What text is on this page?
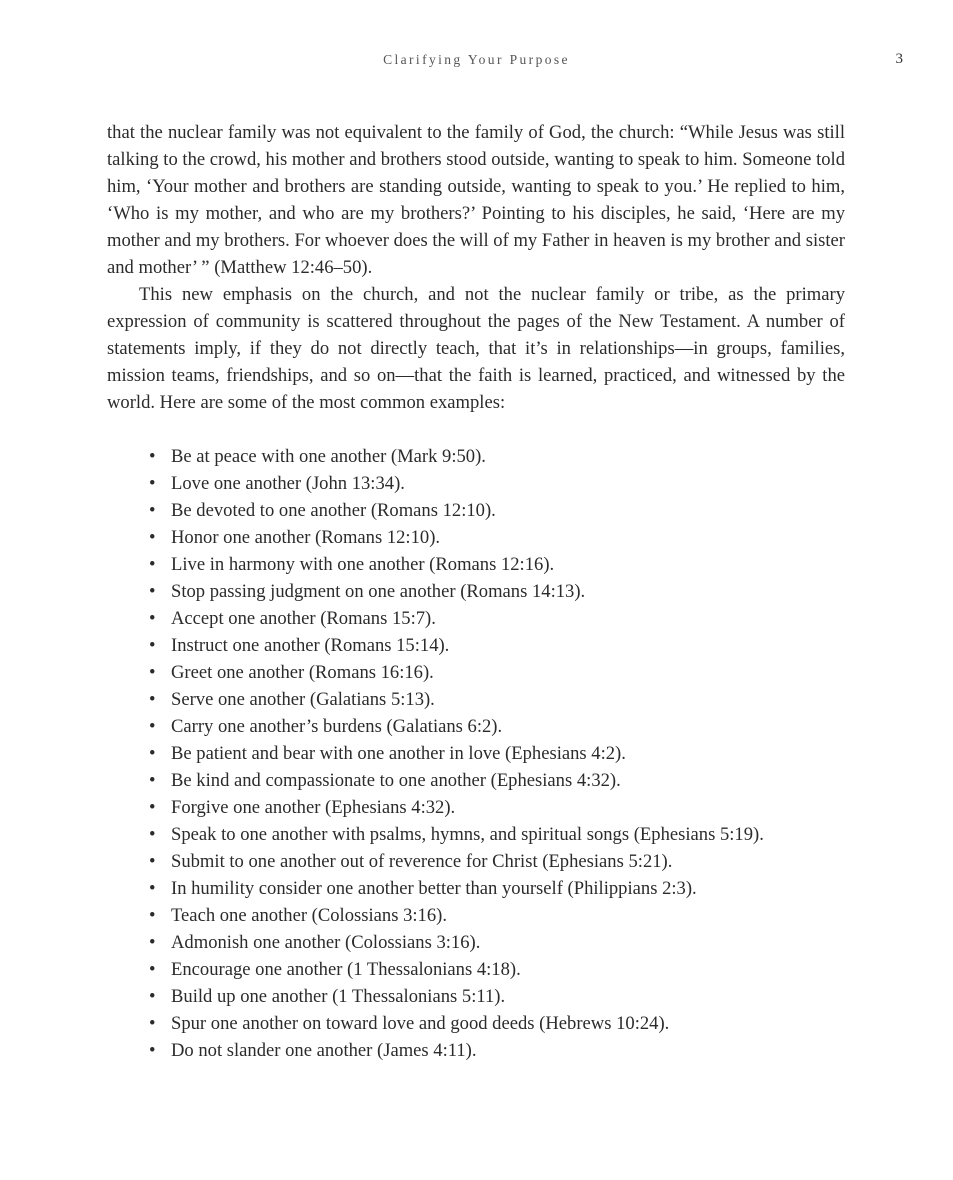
Clarifying Your Purpose	3

that the nuclear family was not equivalent to the family of God, the church: “While Jesus was still talking to the crowd, his mother and brothers stood outside, wanting to speak to him. Someone told him, ‘Your mother and brothers are standing outside, wanting to speak to you.’ He replied to him, ‘Who is my mother, and who are my brothers?’ Pointing to his disciples, he said, ‘Here are my mother and my brothers. For whoever does the will of my Father in heaven is my brother and sister and mother’ ” (Matthew 12:46–50).

This new emphasis on the church, and not the nuclear family or tribe, as the primary expression of community is scattered throughout the pages of the New Testament. A number of statements imply, if they do not directly teach, that it’s in relationships—in groups, families, mission teams, friendships, and so on—that the faith is learned, practiced, and witnessed by the world. Here are some of the most common examples:

• Be at peace with one another (Mark 9:50).
• Love one another (John 13:34).
• Be devoted to one another (Romans 12:10).
• Honor one another (Romans 12:10).
• Live in harmony with one another (Romans 12:16).
• Stop passing judgment on one another (Romans 14:13).
• Accept one another (Romans 15:7).
• Instruct one another (Romans 15:14).
• Greet one another (Romans 16:16).
• Serve one another (Galatians 5:13).
• Carry one another’s burdens (Galatians 6:2).
• Be patient and bear with one another in love (Ephesians 4:2).
• Be kind and compassionate to one another (Ephesians 4:32).
• Forgive one another (Ephesians 4:32).
• Speak to one another with psalms, hymns, and spiritual songs (Ephesians 5:19).
• Submit to one another out of reverence for Christ (Ephesians 5:21).
• In humility consider one another better than yourself (Philippians 2:3).
• Teach one another (Colossians 3:16).
• Admonish one another (Colossians 3:16).
• Encourage one another (1 Thessalonians 4:18).
• Build up one another (1 Thessalonians 5:11).
• Spur one another on toward love and good deeds (Hebrews 10:24).
• Do not slander one another (James 4:11).
